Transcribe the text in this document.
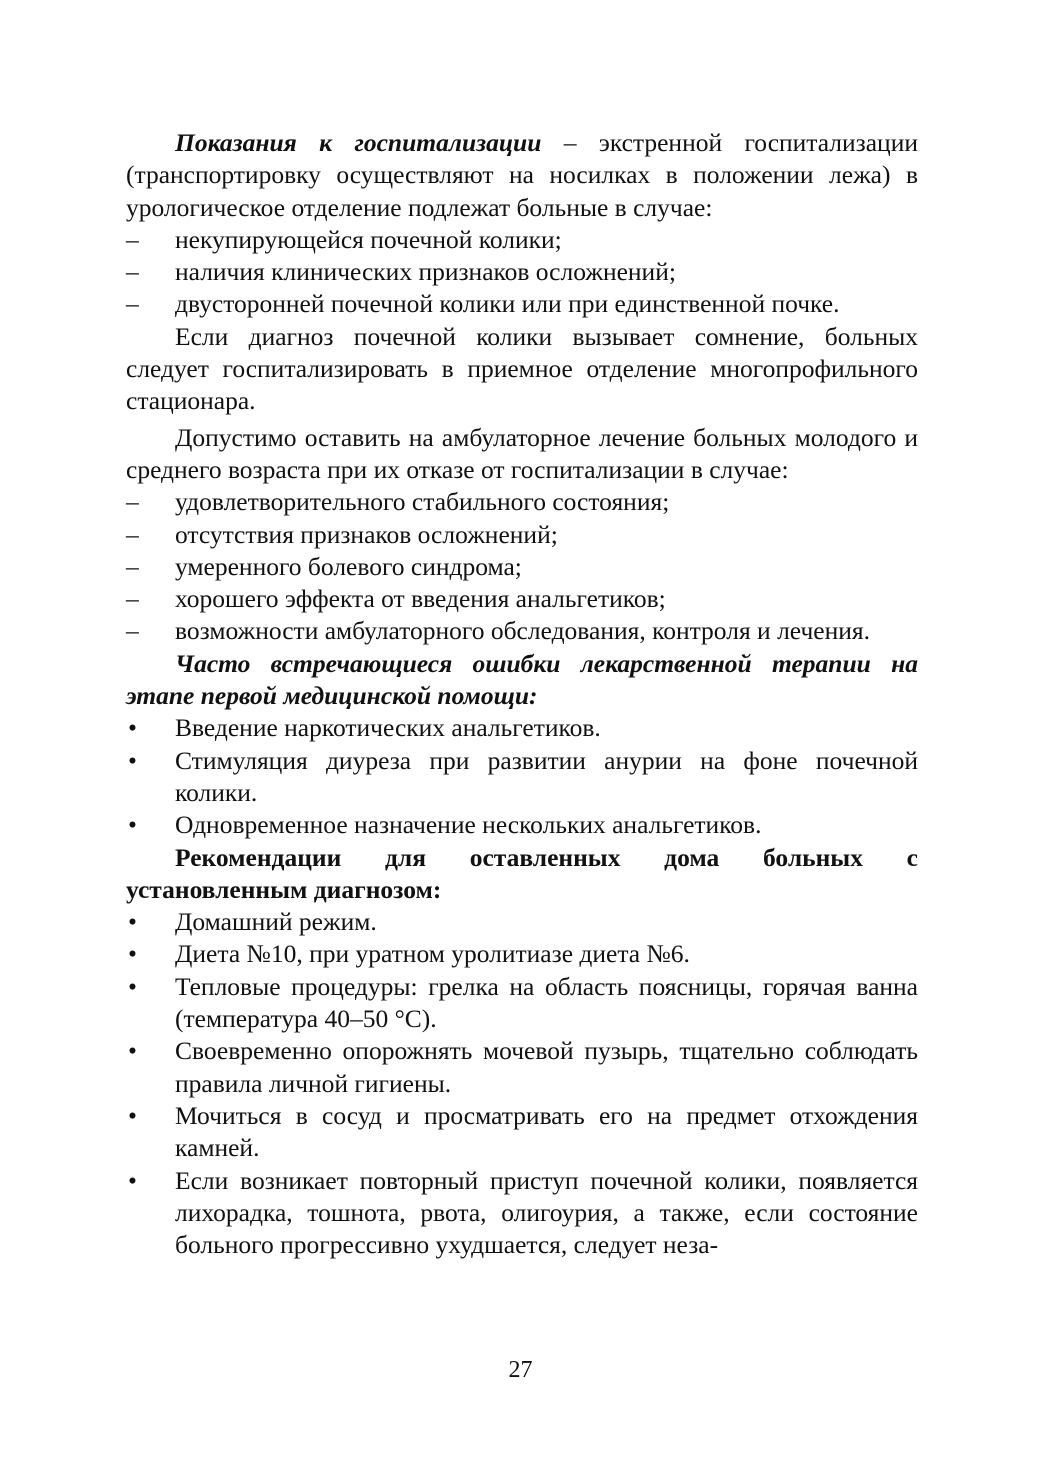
Показания к госпитализации – экстренной госпитализации (транспортировку осуществляют на носилках в положении лежа) в урологическое отделение подлежат больные в случае:

– некупирующейся почечной колики;
– наличия клинических признаков осложнений;
– двусторонней почечной колики или при единственной почке.

Если диагноз почечной колики вызывает сомнение, больных следует госпитализировать в приемное отделение многопрофильного стационара.

Допустимо оставить на амбулаторное лечение больных молодого и среднего возраста при их отказе от госпитализации в случае:

– удовлетворительного стабильного состояния;
– отсутствия признаков осложнений;
– умеренного болевого синдрома;
– хорошего эффекта от введения анальгетиков;
– возможности амбулаторного обследования, контроля и лечения.

Часто встречающиеся ошибки лекарственной терапии на этапе первой медицинской помощи:

• Введение наркотических анальгетиков.
• Стимуляция диуреза при развитии анурии на фоне почечной колики.
• Одновременное назначение нескольких анальгетиков.

Рекомендации для оставленных дома больных с установленным диагнозом:

• Домашний режим.
• Диета №10, при уратном уролитиазе диета №6.
• Тепловые процедуры: грелка на область поясницы, горячая ванна (температура 40–50 °С).
• Своевременно опорожнять мочевой пузырь, тщательно соблюдать правила личной гигиены.
• Мочиться в сосуд и просматривать его на предмет отхождения камней.
• Если возникает повторный приступ почечной колики, появляется лихорадка, тошнота, рвота, олигоурия, а также, если состояние больного прогрессивно ухудшается, следует неза-
27
